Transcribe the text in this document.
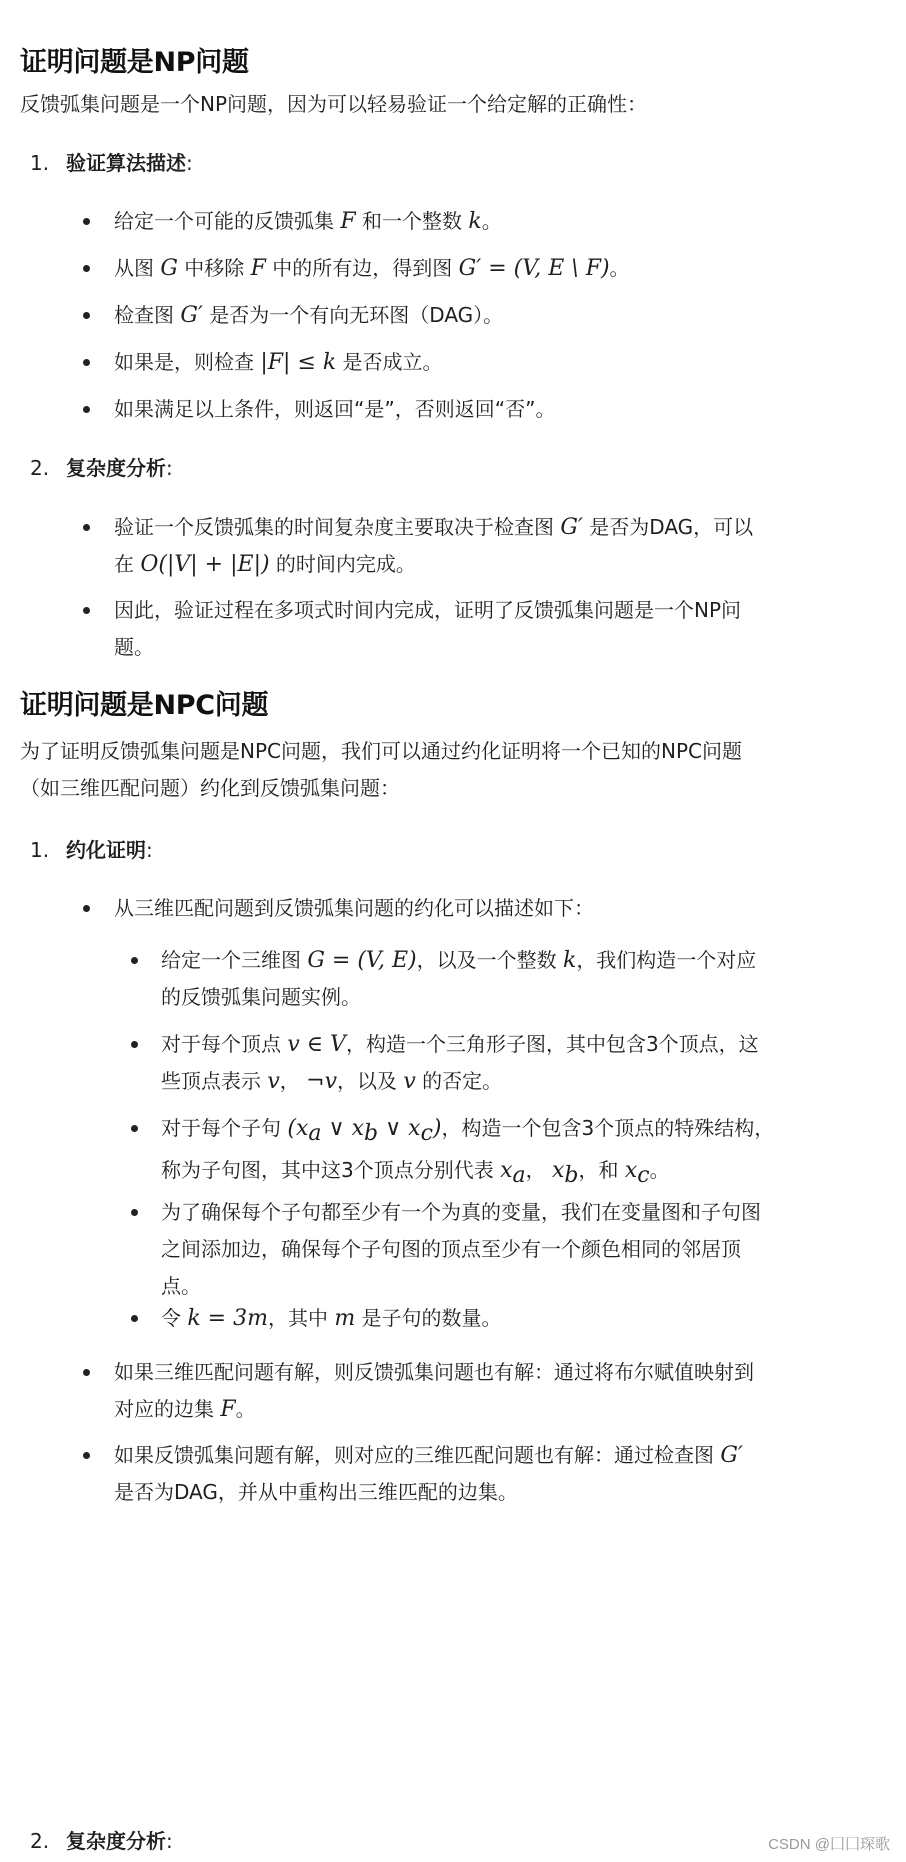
证明问题是NP问题

反馈弧集问题是一个NP问题，因为可以轻易验证一个给定解的正确性：

1. 验证算法描述:
给定一个可能的反馈弧集 F 和一个整数 k。
从图 G 中移除 F 中的所有边，得到图 G′ = (V, E \ F)。
检查图 G′ 是否为一个有向无环图（DAG）。
如果是，则检查 |F| ≤ k 是否成立。
如果满足以上条件，则返回“是”，否则返回“否”。
2. 复杂度分析:
验证一个反馈弧集的时间复杂度主要取决于检查图 G′ 是否为DAG，可以
在 O(|V| + |E|) 的时间内完成。
因此，验证过程在多项式时间内完成，证明了反馈弧集问题是一个NP问
题。
证明问题是NPC问题

为了证明反馈弧集问题是NPC问题，我们可以通过约化证明将一个已知的NPC问题
（如三维匹配问题）约化到反馈弧集问题：

1. 约化证明:
从三维匹配问题到反馈弧集问题的约化可以描述如下：
给定一个三维图 G = (V, E)，以及一个整数 k，我们构造一个对应
的反馈弧集问题实例。
对于每个顶点 v ∈ V，构造一个三角形子图，其中包含3个顶点，这
些顶点表示 v， ¬v，以及 v 的否定。
对于每个子句 ($x_a$ ∨ $x_b$ ∨ $x_c$)，构造一个包含3个顶点的特殊结构，
称为子句图，其中这3个顶点分别代表 $x_a$， $x_b$，和 $x_c$。
为了确保每个子句都至少有一个为真的变量，我们在变量图和子句图
之间添加边，确保每个子句图的顶点至少有一个颜色相同的邻居顶
点。
令 k = 3m，其中 m 是子句的数量。
如果三维匹配问题有解，则反馈弧集问题也有解：通过将布尔赋值映射到
对应的边集 F。
如果反馈弧集问题有解，则对应的三维匹配问题也有解：通过检查图 G′
是否为DAG，并从中重构出三维匹配的边集。
2. 复杂度分析:	CSDN @囗囗琛歌
